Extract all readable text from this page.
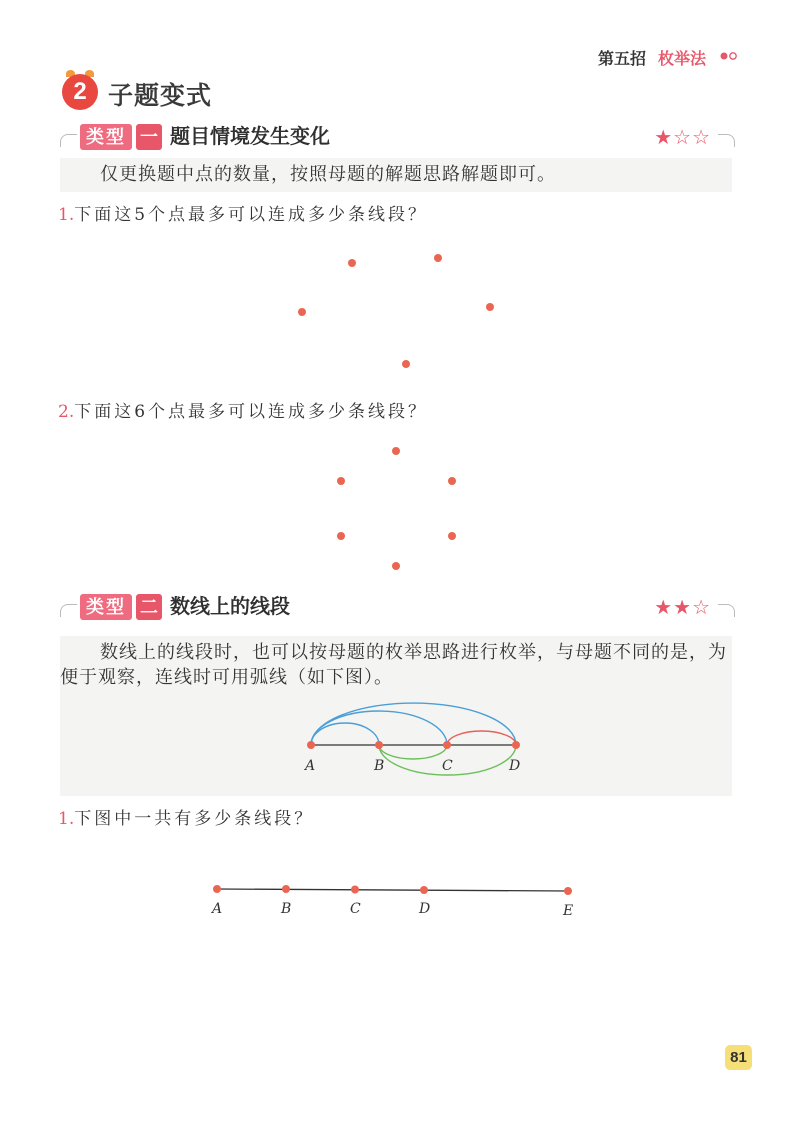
第五招 枚举法
2 子题变式
类型 一 题目情境发生变化	★☆☆
仅更换题中点的数量，按照母题的解题思路解题即可。
1.下面这5个点最多可以连成多少条线段？
2.下面这6个点最多可以连成多少条线段？
类型 二 数线上的线段	★★☆
数线上的线段时，也可以按母题的枚举思路进行枚举，与母题不同的是，为便于观察，连线时可用弧线（如下图）。
A	B	C	D
1.下图中一共有多少条线段？
A	B	C	D	E
81
